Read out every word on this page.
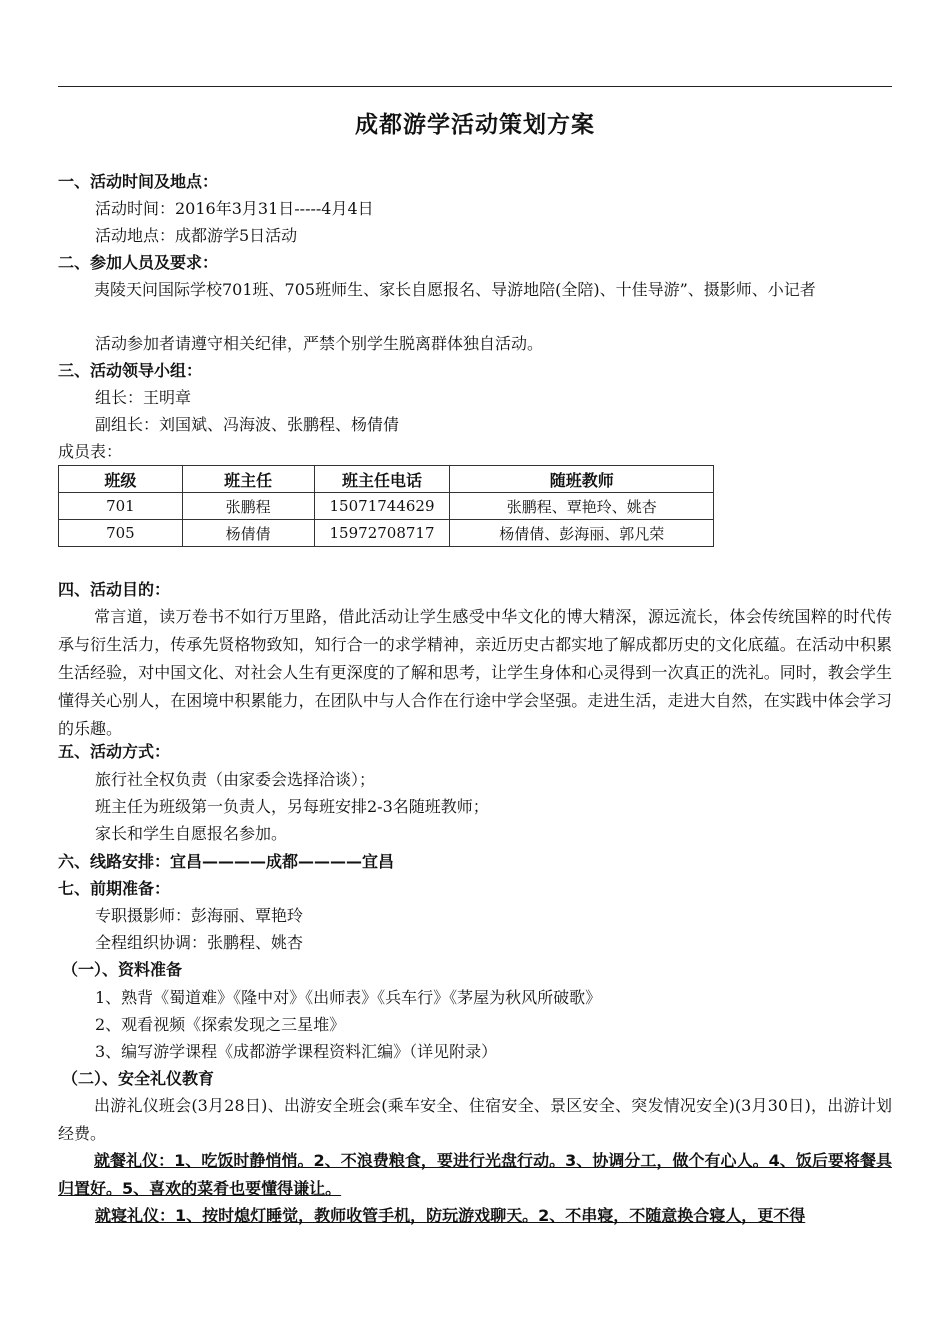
成都游学活动策划方案
一、活动时间及地点：
活动时间：2016年3月31日-----4月4日
活动地点：成都游学5日活动
二、参加人员及要求：
夷陵天问国际学校701班、705班师生、家长自愿报名、导游地陪(全陪)、十佳导游”、摄影师、小记者
活动参加者请遵守相关纪律，严禁个别学生脱离群体独自活动。
三、活动领导小组：
组长：王明章
副组长：刘国斌、冯海波、张鹏程、杨倩倩
成员表：
班级	班主任	班主任电话	随班教师
701	张鹏程	15071744629	张鹏程、覃艳玲、姚杏
705	杨倩倩	15972708717	杨倩倩、彭海丽、郭凡荣
四、活动目的：
常言道，读万卷书不如行万里路，借此活动让学生感受中华文化的博大精深，源远流长，体会传统国粹的时代传承与衍生活力，传承先贤格物致知，知行合一的求学精神，亲近历史古都实地了解成都历史的文化底蕴。在活动中积累生活经验，对中国文化、对社会人生有更深度的了解和思考，让学生身体和心灵得到一次真正的洗礼。同时，教会学生懂得关心别人，在困境中积累能力，在团队中与人合作在行途中学会坚强。走进生活，走进大自然，在实践中体会学习的乐趣。
五、活动方式：
旅行社全权负责（由家委会选择洽谈）；
班主任为班级第一负责人，另每班安排2-3名随班教师；
家长和学生自愿报名参加。
六、线路安排：宜昌————成都————宜昌
七、前期准备：
专职摄影师：彭海丽、覃艳玲
全程组织协调：张鹏程、姚杏
（一）、资料准备
1、熟背《蜀道难》《隆中对》《出师表》《兵车行》《茅屋为秋风所破歌》
2、观看视频《探索发现之三星堆》
3、编写游学课程《成都游学课程资料汇编》（详见附录）
（二）、安全礼仪教育
出游礼仪班会(3月28日)、出游安全班会(乘车安全、住宿安全、景区安全、突发情况安全)(3月30日)，出游计划经费。
就餐礼仪：1、吃饭时静悄悄。2、不浪费粮食，要进行光盘行动。3、协调分工，做个有心人。4、饭后要将餐具归置好。5、喜欢的菜肴也要懂得谦让。
就寝礼仪：1、按时熄灯睡觉，教师收管手机，防玩游戏聊天。2、不串寝，不随意换合寝人，更不得
